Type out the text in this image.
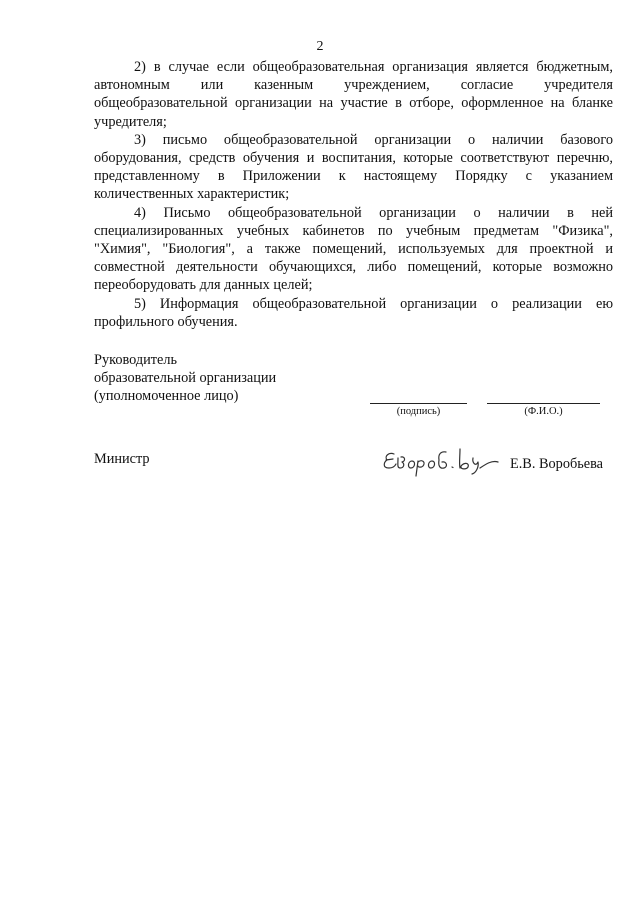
2

2) в случае если общеобразовательная организация является бюджетным, автономным или казенным учреждением, согласие учредителя общеобразовательной организации на участие в отборе, оформленное на бланке учредителя;

3) письмо общеобразовательной организации о наличии базового оборудования, средств обучения и воспитания, которые соответствуют перечню, представленному в Приложении к настоящему Порядку с указанием количественных характеристик;

4) Письмо общеобразовательной организации о наличии в ней специализированных учебных кабинетов по учебным предметам "Физика", "Химия", "Биология", а также помещений, используемых для проектной и совместной деятельности обучающихся, либо помещений, которые возможно переоборудовать для данных целей;

5) Информация общеобразовательной организации о реализации ею профильного обучения.

Руководитель
образовательной организации
(уполномоченное лицо)
(подпись)	(Ф.И.О.)
Министр	Е.В. Воробьева
